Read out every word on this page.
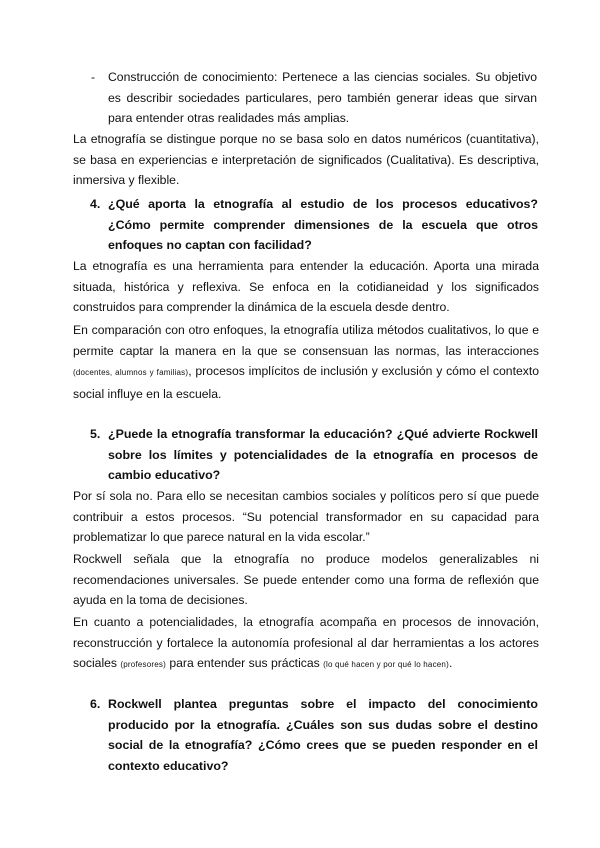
- Construcción de conocimiento: Pertenece a las ciencias sociales. Su objetivo es describir sociedades particulares, pero también generar ideas que sirvan para entender otras realidades más amplias.
La etnografía se distingue porque no se basa solo en datos numéricos (cuantitativa), se basa en experiencias e interpretación de significados (Cualitativa). Es descriptiva, inmersiva y flexible.
4. ¿Qué aporta la etnografía al estudio de los procesos educativos? ¿Cómo permite comprender dimensiones de la escuela que otros enfoques no captan con facilidad?
La etnografía es una herramienta para entender la educación. Aporta una mirada situada, histórica y reflexiva. Se enfoca en la cotidianeidad y los significados construidos para comprender la dinámica de la escuela desde dentro.
En comparación con otro enfoques, la etnografía utiliza métodos cualitativos, lo que e permite captar la manera en la que se consensuan las normas, las interacciones (docentes, alumnos y familias), procesos implícitos de inclusión y exclusión y cómo el contexto social influye en la escuela.
5. ¿Puede la etnografía transformar la educación? ¿Qué advierte Rockwell sobre los límites y potencialidades de la etnografía en procesos de cambio educativo?
Por sí sola no. Para ello se necesitan cambios sociales y políticos pero sí que puede contribuir a estos procesos. “Su potencial transformador en su capacidad para problematizar lo que parece natural en la vida escolar.”
Rockwell señala que la etnografía no produce modelos generalizables ni recomendaciones universales. Se puede entender como una forma de reflexión que ayuda en la toma de decisiones.
En cuanto a potencialidades, la etnografía acompaña en procesos de innovación, reconstrucción y fortalece la autonomía profesional al dar herramientas a los actores sociales (profesores) para entender sus prácticas (lo qué hacen y por qué lo hacen).
6. Rockwell plantea preguntas sobre el impacto del conocimiento producido por la etnografía. ¿Cuáles son sus dudas sobre el destino social de la etnografía? ¿Cómo crees que se pueden responder en el contexto educativo?
